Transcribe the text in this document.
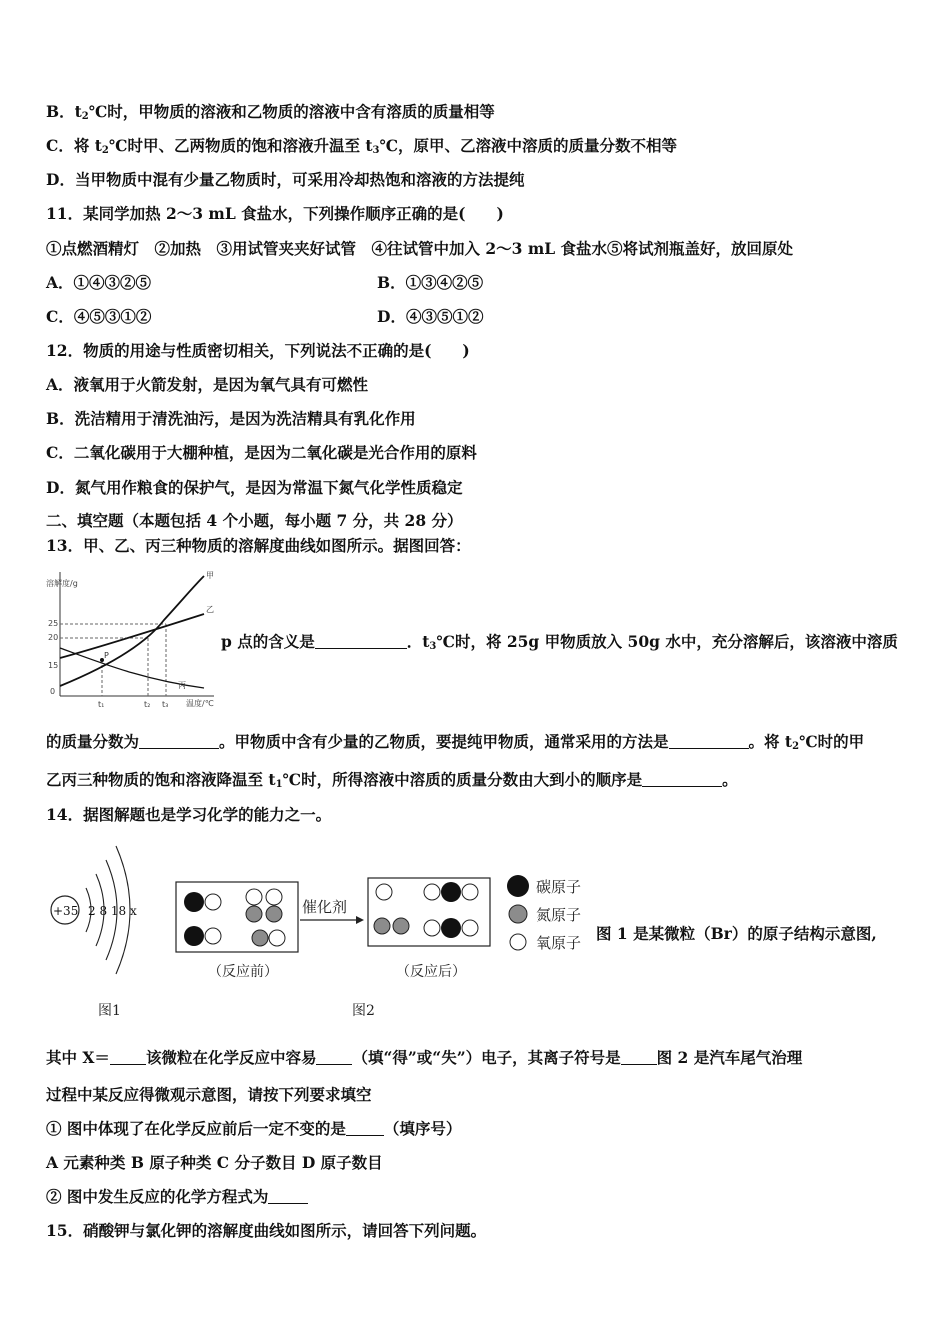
B．$t_2℃$时，甲物质的溶液和乙物质的溶液中含有溶质的质量相等
C．将 $t_2℃$时甲、乙两物质的饱和溶液升温至 $t_3℃$，原甲、乙溶液中溶质的质量分数不相等
D．当甲物质中混有少量乙物质时，可采用冷却热饱和溶液的方法提纯
11．某同学加热 2～3 mL 食盐水，下列操作顺序正确的是(　　)
①点燃酒精灯　②加热　③用试管夹夹好试管　④往试管中加入 2～3 mL 食盐水⑤将试剂瓶盖好，放回原处
A．①④③②⑤	B．①③④②⑤
C．④⑤③①②	D．④③⑤①②
12．物质的用途与性质密切相关，下列说法不正确的是(　　)
A．液氧用于火箭发射，是因为氧气具有可燃性
B．洗洁精用于清洗油污，是因为洗洁精具有乳化作用
C．二氧化碳用于大棚种植，是因为二氧化碳是光合作用的原料
D．氮气用作粮食的保护气，是因为常温下氮气化学性质稳定
二、填空题（本题包括 4 个小题，每小题 7 分，共 28 分）
13．甲、乙、丙三种物质的溶解度曲线如图所示。据图回答：
溶解度/g
温度/℃
25
20
15
0
t₁	t₂ t₃
甲
乙
丙
P
p 点的含义是	．$t_3℃$时，将 25g 甲物质放入 50g 水中，充分溶解后，该溶液中溶质
的质量分数为	。甲物质中含有少量的乙物质，要提纯甲物质，通常采用的方法是	。将 $t_2℃$时的甲
乙丙三种物质的饱和溶液降温至 $t_1℃$时，所得溶液中溶质的质量分数由大到小的顺序是	。
14．据图解题也是学习化学的能力之一。
+35 2 8 18 x
（反应前）
催化剂
（反应后）
碳原子
氮原子
氧原子 图 1 是某微粒（Br）的原子结构示意图,
图1	图2
其中 X＝ 该微粒在化学反应中容易 （填“得”或“失”）电子，其离子符号是 图 2 是汽车尾气治理
过程中某反应得微观示意图，请按下列要求填空
① 图中体现了在化学反应前后一定不变的是 （填序号）
A 元素种类 B 原子种类 C 分子数目 D 原子数目
② 图中发生反应的化学方程式为
15．硝酸钾与氯化钾的溶解度曲线如图所示，请回答下列问题。
